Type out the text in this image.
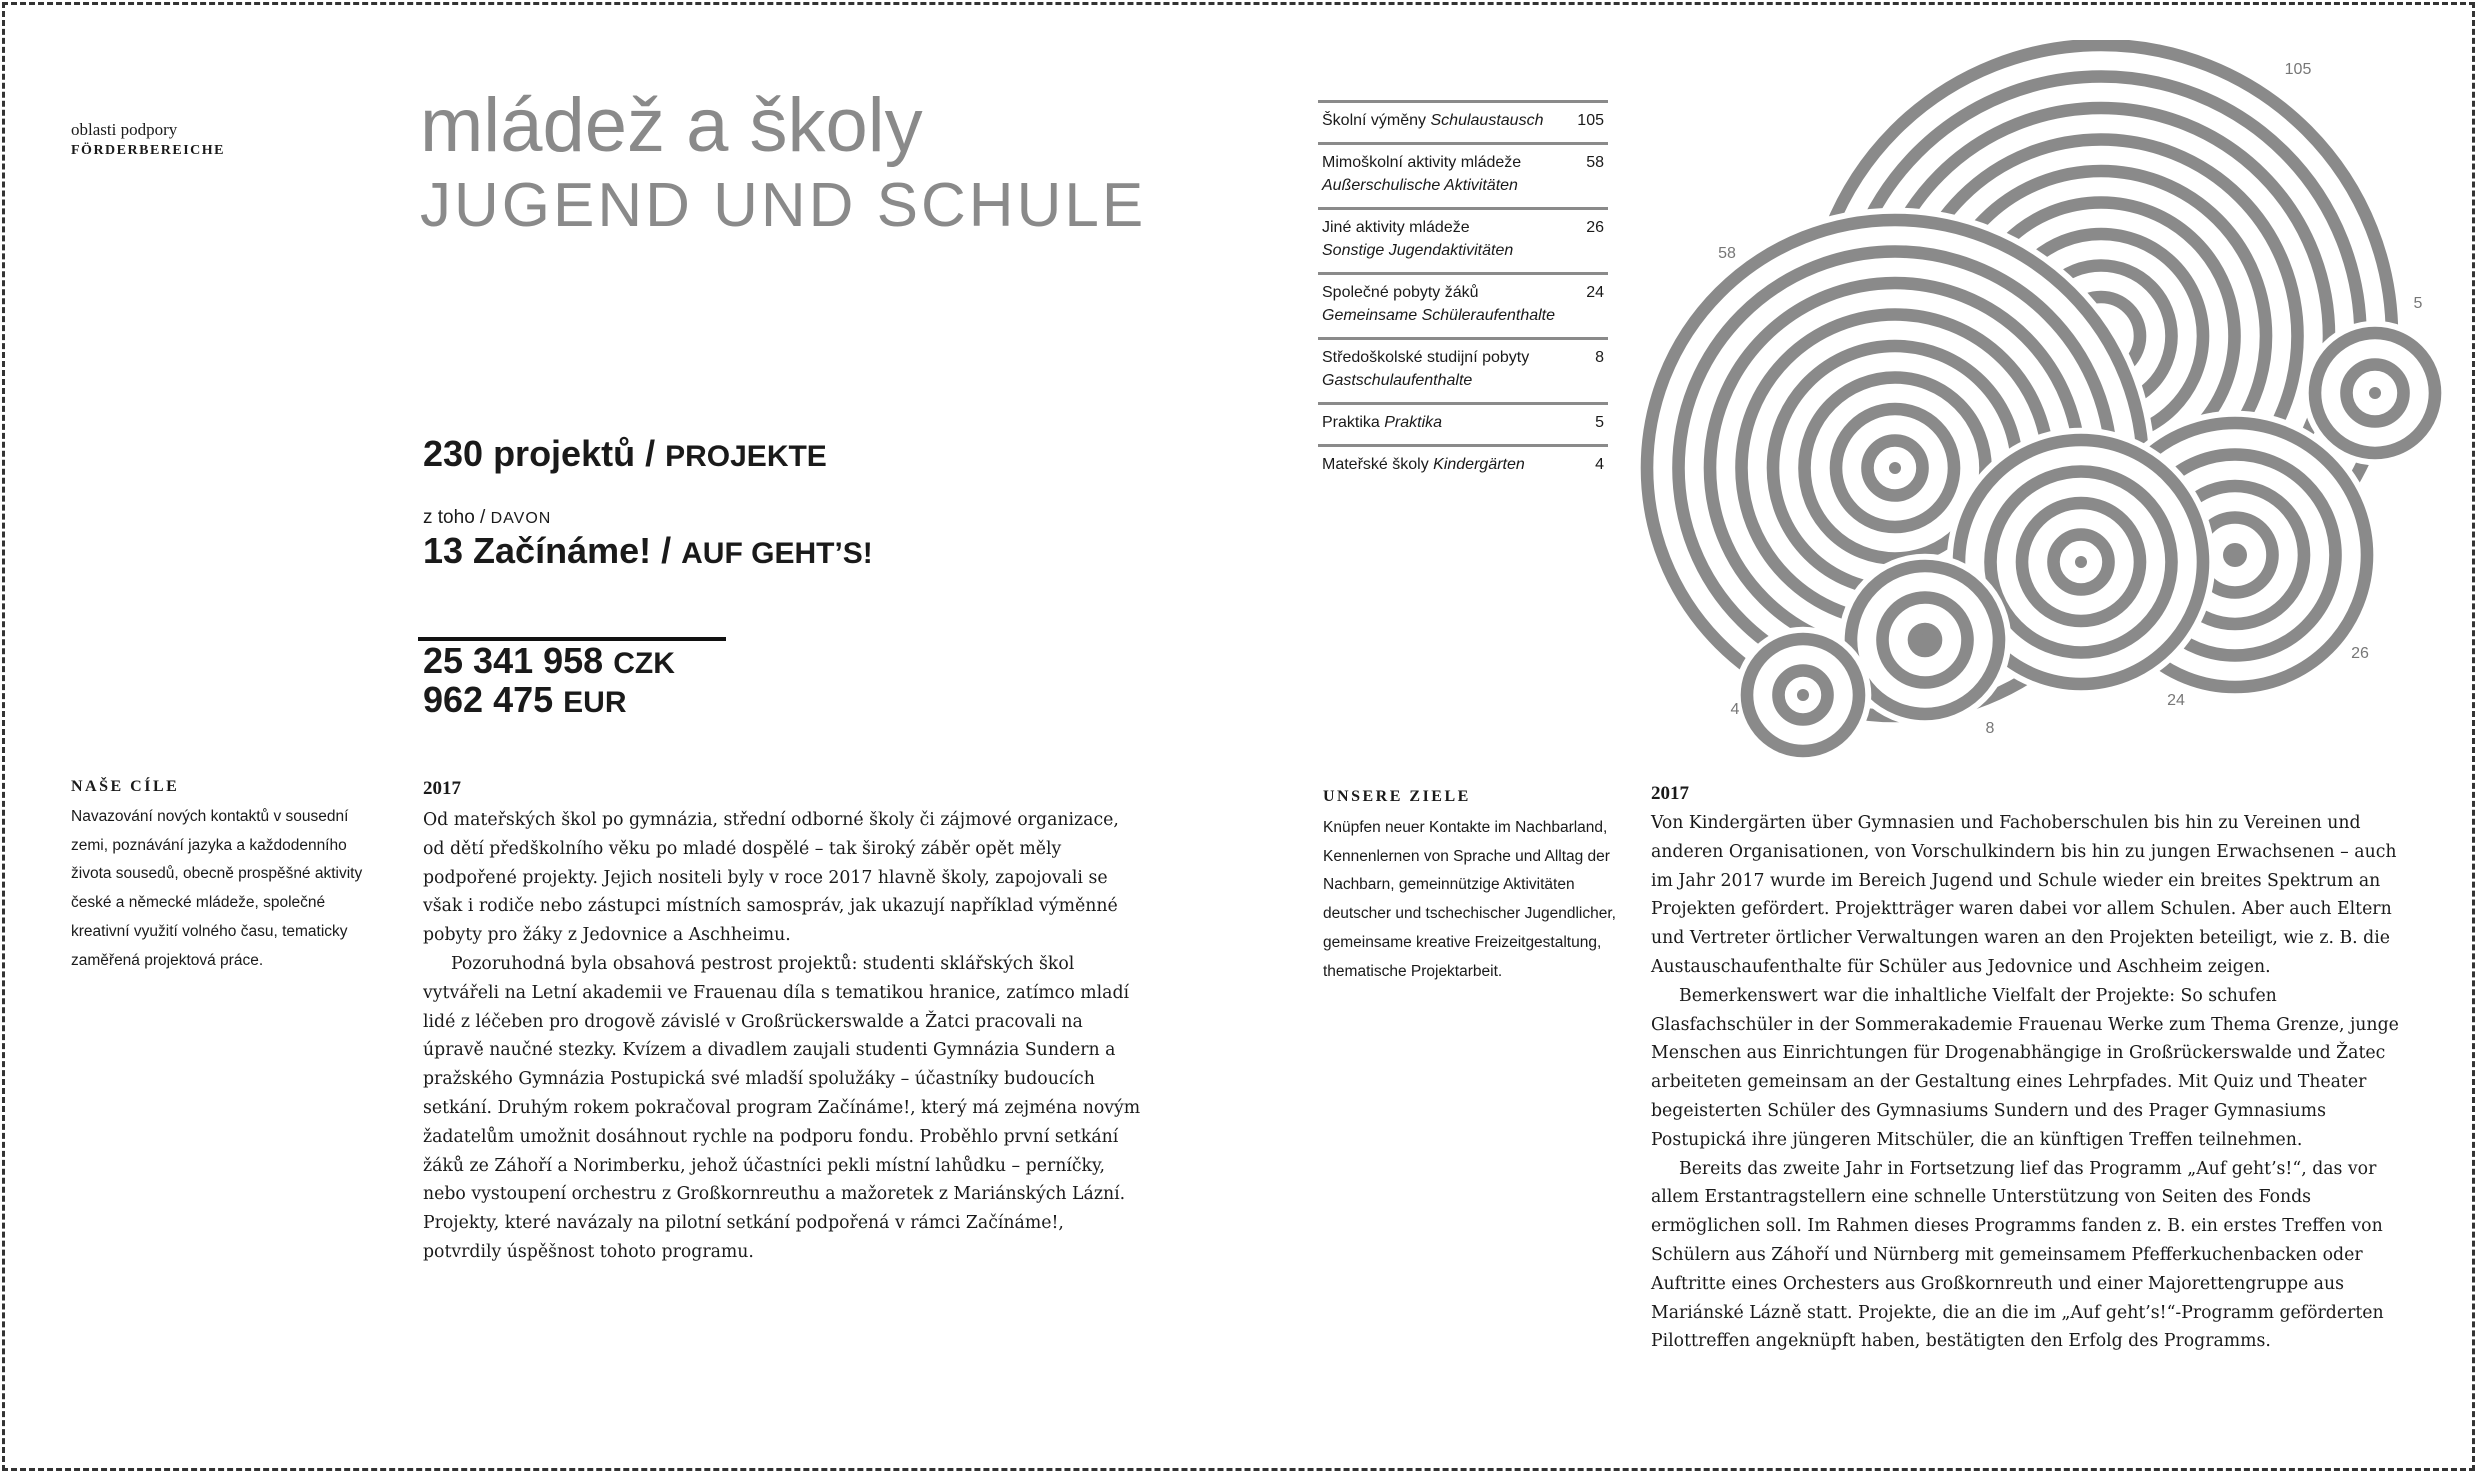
oblasti podpory
FÖRDERBEREICHE	mládež a školy
JUGEND UND SCHULE
230 projektů / PROJEKTE
z toho / DAVON
13 Začínáme! / AUF GEHT’S!
25 341 958 CZK
962 475 EUR
Školní výměny Schulaustausch	105
Mimoškolní aktivity mládeže
Außerschulische Aktivitäten	58
Jiné aktivity mládeže
Sonstige Jugendaktivitäten	26
Společné pobyty žáků
Gemeinsame Schüleraufenthalte	24
Středoškolské studijní pobyty
Gastschulaufenthalte	8
Praktika Praktika	5
Mateřské školy Kindergärten	4
105
58
26
24
8
5
4
NAŠE CÍLE
Navazování nových kontaktů v sousední zemi, poznávání jazyka a každodenního života sousedů, obecně prospěšné aktivity české a německé mládeže, společné kreativní využití volného času, tematicky zaměřená projektová práce.
2017

Od mateřských škol po gymnázia, střední odborné školy či zájmové organizace, od dětí předškolního věku po mladé dospělé – tak široký záběr opět měly podpořené projekty. Jejich nositeli byly v roce 2017 hlavně školy, zapojovali se však i rodiče nebo zástupci místních samospráv, jak ukazují například výměnné pobyty pro žáky z Jedovnice a Aschheimu.

Pozoruhodná byla obsahová pestrost projektů: studenti sklářských škol vytvářeli na Letní akademii ve Frauenau díla s tematikou hranice, zatímco mladí lidé z léčeben pro drogově závislé v Großrückerswalde a Žatci pracovali na úpravě naučné stezky. Kvízem a divadlem zaujali studenti Gymnázia Sundern a pražského Gymnázia Postupická své mladší spolužáky – účastníky budoucích setkání. Druhým rokem pokračoval program Začínáme!, který má zejména novým žadatelům umožnit dosáhnout rychle na podporu fondu. Proběhlo první setkání žáků ze Záhoří a Norimberku, jehož účastníci pekli místní lahůdku – perníčky, nebo vystoupení orchestru z Großkornreuthu a mažoretek z Mariánských Lázní. Projekty, které navázaly na pilotní setkání podpořená v rámci Začínáme!, potvrdily úspěšnost tohoto programu.

UNSERE ZIELE
Knüpfen neuer Kontakte im Nachbarland, Kennenlernen von Sprache und Alltag der Nachbarn, gemeinnützige Aktivitäten deutscher und tschechischer Jugendlicher, gemeinsame kreative Freizeitgestaltung, thematische Projektarbeit.
2017

Von Kindergärten über Gymnasien und Fachoberschulen bis hin zu Vereinen und anderen Organisationen, von Vorschulkindern bis hin zu jungen Erwachsenen – auch im Jahr 2017 wurde im Bereich Jugend und Schule wieder ein breites Spektrum an Projekten gefördert. Projektträger waren dabei vor allem Schulen. Aber auch Eltern und Vertreter örtlicher Verwaltungen waren an den Projekten beteiligt, wie z. B. die Austauschaufenthalte für Schüler aus Jedovnice und Aschheim zeigen.

Bemerkenswert war die inhaltliche Vielfalt der Projekte: So schufen Glasfachschüler in der Sommerakademie Frauenau Werke zum Thema Grenze, junge Menschen aus Einrichtungen für Drogenabhängige in Großrückerswalde und Žatec arbeiteten gemeinsam an der Gestaltung eines Lehrpfades. Mit Quiz und Theater begeisterten Schüler des Gymnasiums Sundern und des Prager Gymnasiums Postupická ihre jüngeren Mitschüler, die an künftigen Treffen teilnehmen.

Bereits das zweite Jahr in Fortsetzung lief das Programm „Auf geht’s!“, das vor allem Erstantragstellern eine schnelle Unterstützung von Seiten des Fonds ermöglichen soll. Im Rahmen dieses Programms fanden z. B. ein erstes Treffen von Schülern aus Záhoří und Nürnberg mit gemeinsamem Pfefferkuchenbacken oder Auftritte eines Orchesters aus Großkornreuth und einer Majorettengruppe aus Mariánské Lázně statt. Projekte, die an die im „Auf geht’s!“-Programm geförderten Pilottreffen angeknüpft haben, bestätigten den Erfolg des Programms.
